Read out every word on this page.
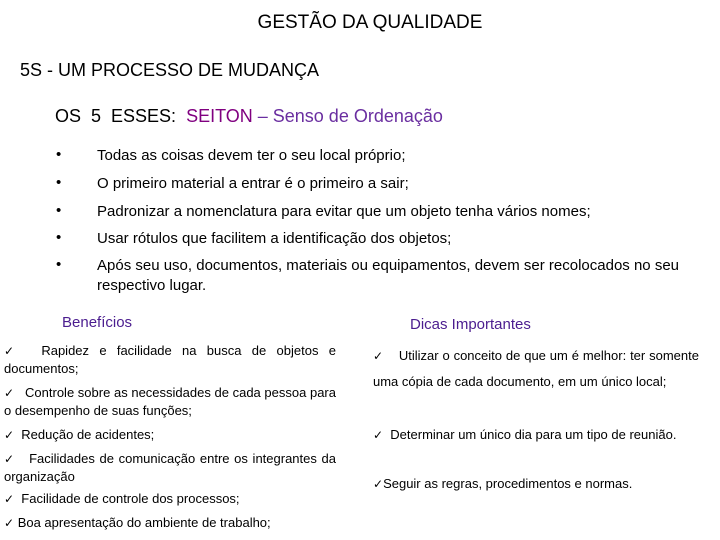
GESTÃO DA QUALIDADE
5S - UM PROCESSO DE MUDANÇA
OS  5  ESSES:  SEITON – Senso de Ordenação
• Todas as coisas devem ter o seu local próprio;
• O primeiro material a entrar é o primeiro a sair;
• Padronizar a nomenclatura para evitar que um objeto tenha vários nomes;
• Usar rótulos que facilitem a identificação dos objetos;
• Após seu uso, documentos, materiais ou equipamentos, devem ser recolocados no seu respectivo lugar.
Benefícios	Dicas Importantes
✓ Rapidez e facilidade na busca de objetos e documentos;
✓ Controle sobre as necessidades de cada pessoa para o desempenho de suas funções;
✓ Redução de acidentes;
✓ Facilidades de comunicação entre os integrantes da organização
✓ Facilidade de controle dos processos;
✓ Boa apresentação do ambiente de trabalho;
✓ Utilizar o conceito de que um é melhor: ter somente uma cópia de cada documento, em um único local;
✓ Determinar um único dia para um tipo de reunião.
✓Seguir as regras, procedimentos e normas.
